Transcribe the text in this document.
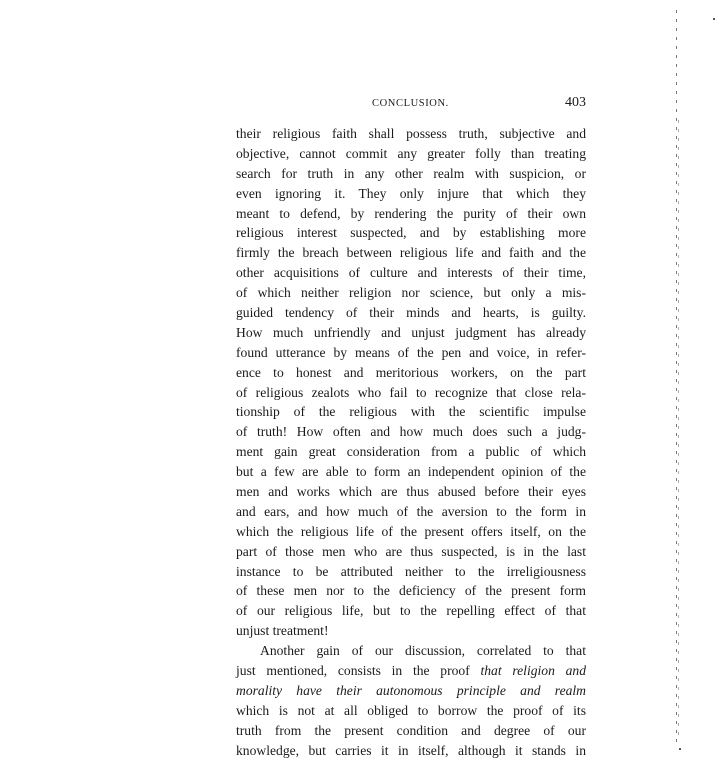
CONCLUSION.	403
their religious faith shall possess truth, subjective and
objective, cannot commit any greater folly than treating
search for truth in any other realm with suspicion, or
even ignoring it. They only injure that which they
meant to defend, by rendering the purity of their own
religious interest suspected, and by establishing more
firmly the breach between religious life and faith and the
other acquisitions of culture and interests of their time,
of which neither religion nor science, but only a mis-
guided tendency of their minds and hearts, is guilty.
How much unfriendly and unjust judgment has already
found utterance by means of the pen and voice, in refer-
ence to honest and meritorious workers, on the part
of religious zealots who fail to recognize that close rela-
tionship of the religious with the scientific impulse
of truth! How often and how much does such a judg-
ment gain great consideration from a public of which
but a few are able to form an independent opinion of the
men and works which are thus abused before their eyes
and ears, and how much of the aversion to the form in
which the religious life of the present offers itself, on the
part of those men who are thus suspected, is in the last
instance to be attributed neither to the irreligiousness
of these men nor to the deficiency of the present form
of our religious life, but to the repelling effect of that
unjust treatment!
Another gain of our discussion, correlated to that
just mentioned, consists in the proof that religion and
morality have their autonomous principle and realm
which is not at all obliged to borrow the proof of its
truth from the present condition and degree of our
knowledge, but carries it in itself, although it stands in
